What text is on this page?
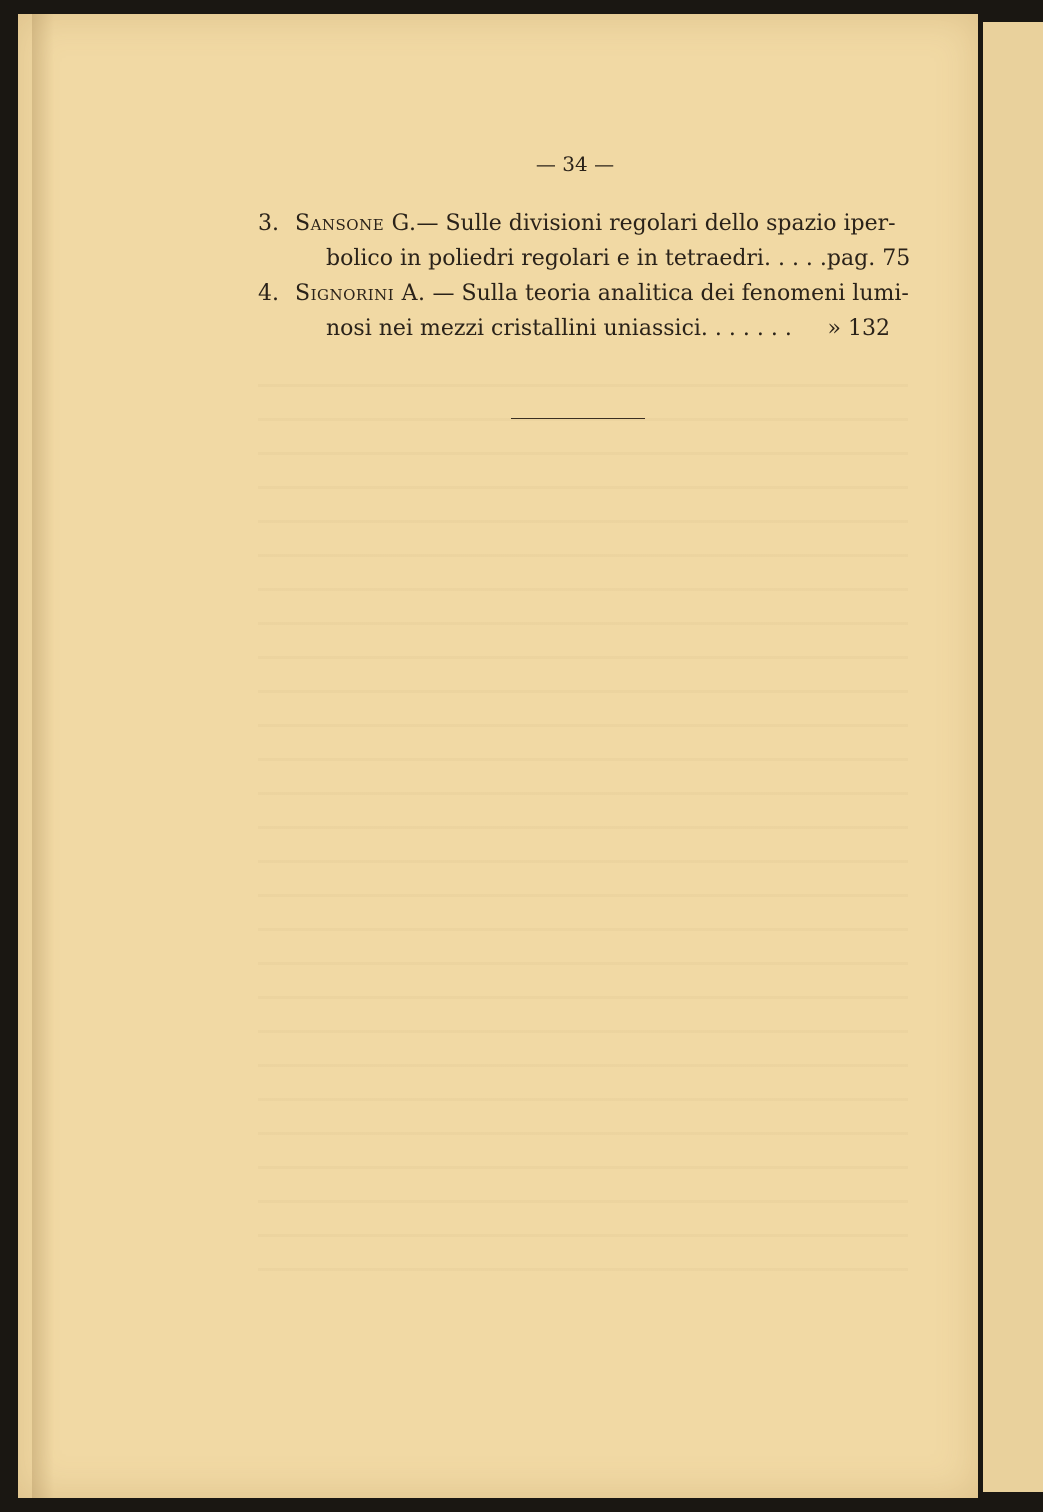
— 34 —
3. Sansone G.— Sulle divisioni regolari dello spazio iper-
bolico in poliedri regolari e in tetraedri. . . . . pag. 75
4. Signorini A. — Sulla teoria analitica dei fenomeni lumi-
nosi nei mezzi cristallini uniassici. . . . . . . » 132
